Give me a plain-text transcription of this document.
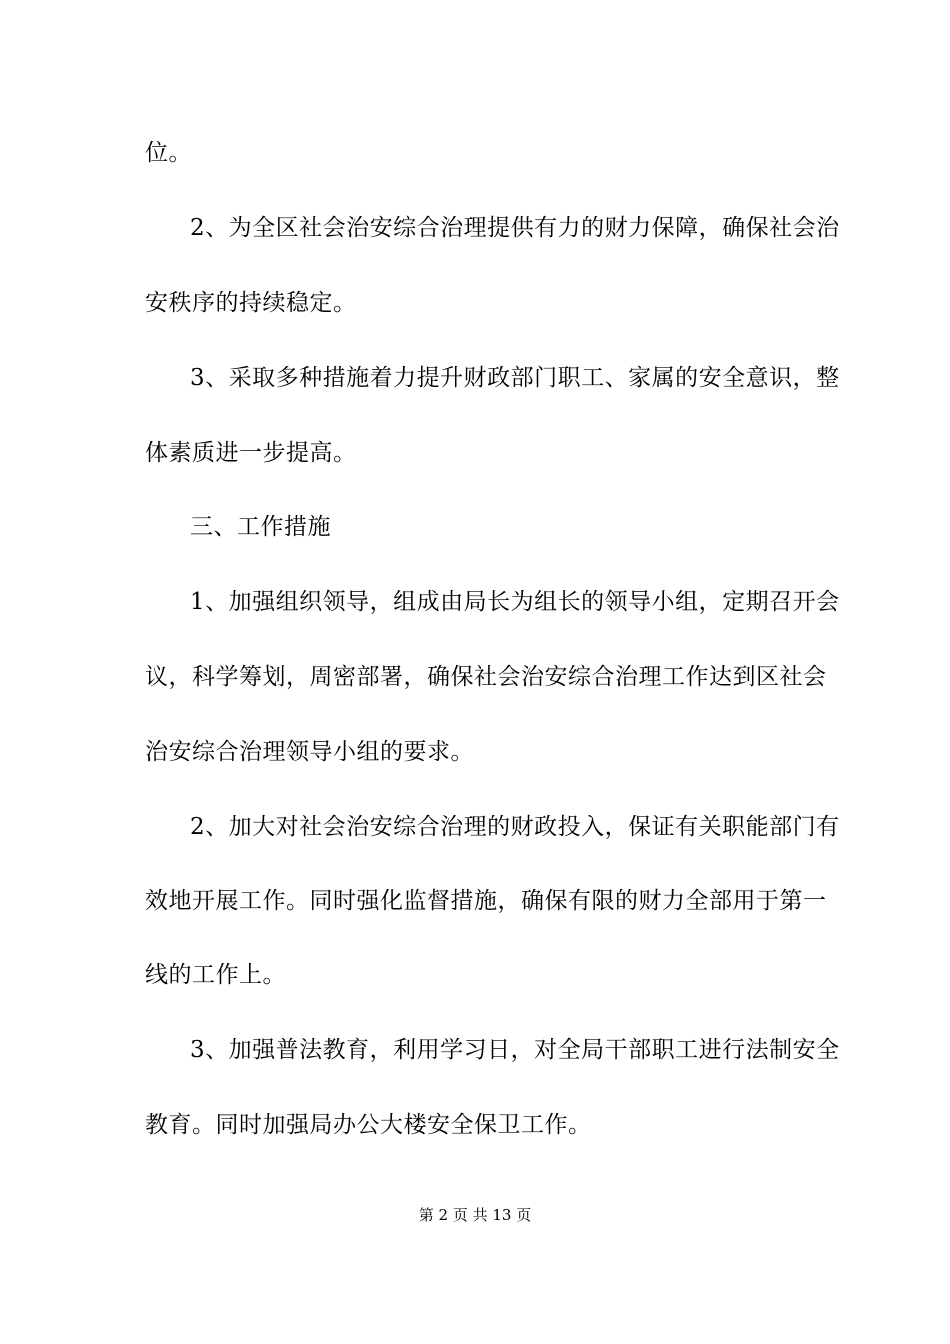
位。
2、为全区社会治安综合治理提供有力的财力保障，确保社会治
安秩序的持续稳定。
3、采取多种措施着力提升财政部门职工、家属的安全意识，整
体素质进一步提高。
三、工作措施
1、加强组织领导，组成由局长为组长的领导小组，定期召开会
议，科学筹划，周密部署，确保社会治安综合治理工作达到区社会
治安综合治理领导小组的要求。
2、加大对社会治安综合治理的财政投入，保证有关职能部门有
效地开展工作。同时强化监督措施，确保有限的财力全部用于第一
线的工作上。
3、加强普法教育，利用学习日，对全局干部职工进行法制安全
教育。同时加强局办公大楼安全保卫工作。
第 2 页 共 13 页
